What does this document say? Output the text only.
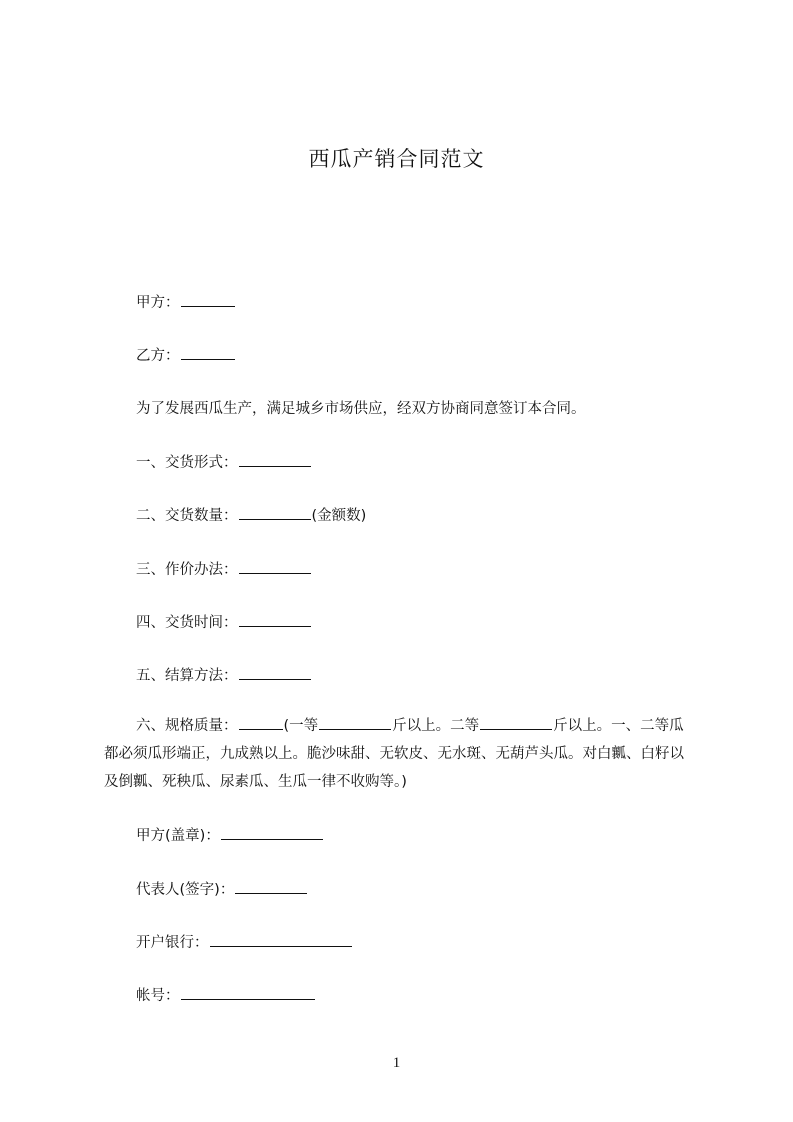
西瓜产销合同范文
甲方：
乙方：
为了发展西瓜生产，满足城乡市场供应，经双方协商同意签订本合同。
一、交货形式：
二、交货数量：	(金额数)
三、作价办法：
四、交货时间：
五、结算方法：
六、规格质量：	(一等	斤以上。二等	斤以上。一、二等瓜都必须瓜形端正，九成熟以上。脆沙味甜、无软皮、无水斑、无葫芦头瓜。对白瓤、白籽以及倒瓤、死秧瓜、尿素瓜、生瓜一律不收购等。)
甲方(盖章)：
代表人(签字)：
开户银行：
帐号：
1
